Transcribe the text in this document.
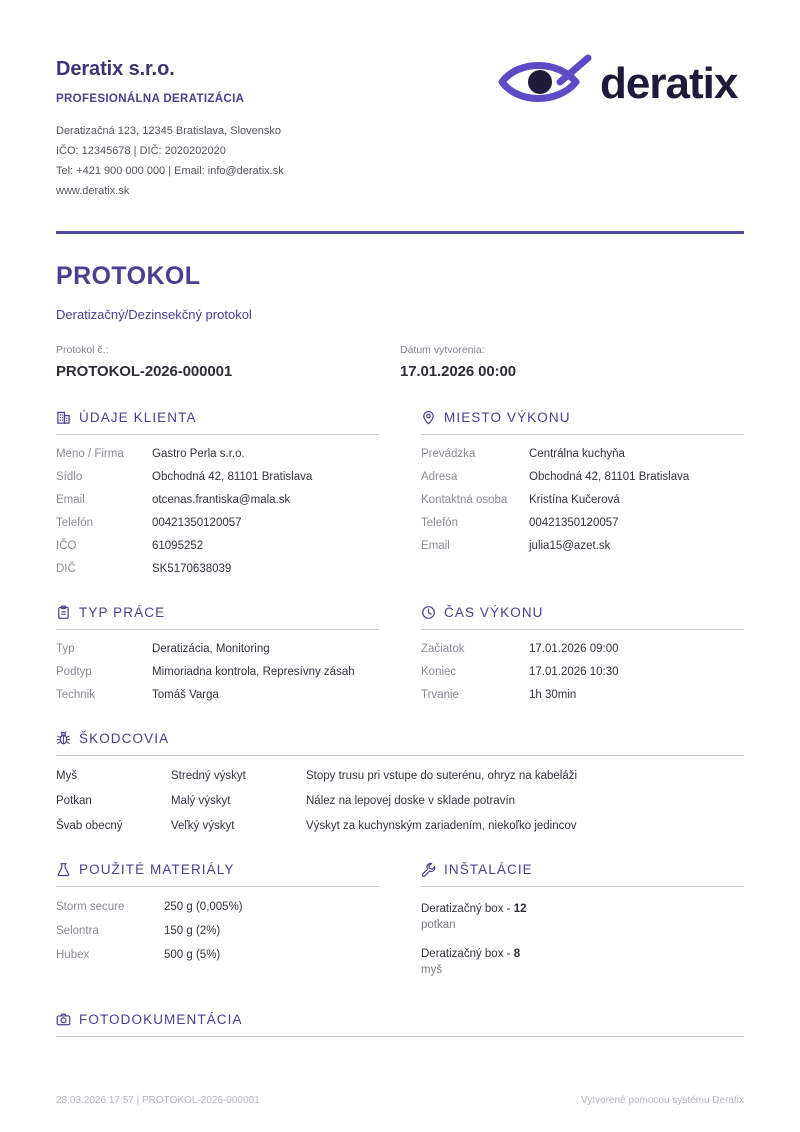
Deratix s.r.o.
PROFESIONÁLNA DERATIZÁCIA
Deratizačná 123, 12345 Bratislava, Slovensko
IČO: 12345678 | DIČ: 2020202020
Tel: +421 900 000 000 | Email: info@deratix.sk
www.deratix.sk
deratix
PROTOKOL
Deratizačný/Dezinsekčný protokol
Protokol č.:
PROTOKOL-2026-000001
Dátum vytvorenia:
17.01.2026 00:00
ÚDAJE KLIENTA
Meno / Firma	Gastro Perla s.r.o.
Sídlo	Obchodná 42, 81101 Bratislava
Email	otcenas.frantiska@mala.sk
Telefón	00421350120057
IČO	61095252
DIČ	SK5170638039
MIESTO VÝKONU
Prevádzka	Centrálna kuchyňa
Adresa	Obchodná 42, 81101 Bratislava
Kontaktná osoba	Kristína Kučerová
Telefón	00421350120057
Email	julia15@azet.sk
TYP PRÁCE
Typ	Deratizácia, Monitoring
Podtyp	Mimoriadna kontrola, Represívny zásah
Technik	Tomáš Varga
ČAS VÝKONU
Začiatok	17.01.2026 09:00
Koniec	17.01.2026 10:30
Trvanie	1h 30min
ŠKODCOVIA
Myš	Stredný výskyt	Stopy trusu pri vstupe do suterénu, ohryz na kabeláži
Potkan	Malý výskyt	Nález na lepovej doske v sklade potravín
Švab obecný	Veľký výskyt	Výskyt za kuchynským zariadením, niekoľko jedincov
POUŽITÉ MATERIÁLY
Storm secure	250 g (0,005%)
Selontra	150 g (2%)
Hubex	500 g (5%)
INŠTALÁCIE
Deratizačný box - 12
potkan
Deratizačný box - 8
myš
FOTODOKUMENTÁCIA
28.03.2026 17:57 | PROTOKOL-2026-000001	Vytvorené pomocou systému Deratix
